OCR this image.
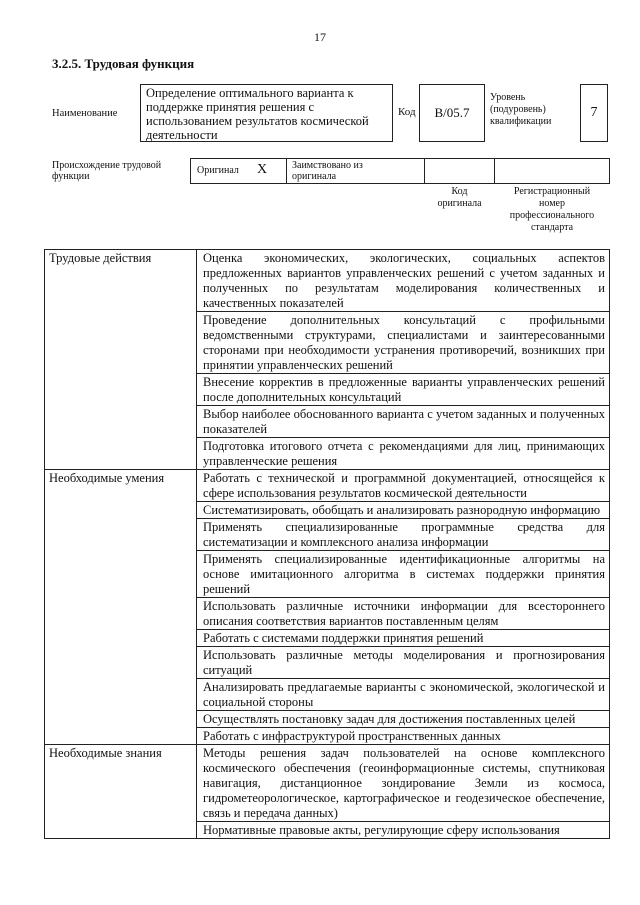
17
3.2.5. Трудовая функция
Наименование
Определение оптимального варианта к поддержке принятия решения с использованием результатов космической деятельности
Код	B/05.7
Уровень
(подуровень)
квалификации
7
Происхождение трудовой
функции
Оригинал X Заимствовано из
оригинала
Код
оригинала
Регистрационный
номер
профессионального
стандарта
Трудовые действия	Оценка экономических, экологических, социальных аспектов предложенных вариантов управленческих решений с учетом заданных и полученных по результатам моделирования количественных и качественных показателей
	Проведение дополнительных консультаций с профильными ведомственными структурами, специалистами и заинтересованными сторонами при необходимости устранения противоречий, возникших при принятии управленческих решений
	Внесение корректив в предложенные варианты управленческих решений после дополнительных консультаций
	Выбор наиболее обоснованного варианта с учетом заданных и полученных показателей
	Подготовка итогового отчета с рекомендациями для лиц, принимающих управленческие решения
Необходимые умения	Работать с технической и программной документацией, относящейся к сфере использования результатов космической деятельности
	Систематизировать, обобщать и анализировать разнородную информацию
	Применять специализированные программные средства для систематизации и комплексного анализа информации
	Применять специализированные идентификационные алгоритмы на основе имитационного алгоритма в системах поддержки принятия решений
	Использовать различные источники информации для всестороннего описания соответствия вариантов поставленным целям
	Работать с системами поддержки принятия решений
	Использовать различные методы моделирования и прогнозирования ситуаций
	Анализировать предлагаемые варианты с экономической, экологической и социальной стороны
	Осуществлять постановку задач для достижения поставленных целей
	Работать с инфраструктурой пространственных данных
Необходимые знания	Методы решения задач пользователей на основе комплексного космического обеспечения (геоинформационные системы, спутниковая навигация, дистанционное зондирование Земли из космоса, гидрометеорологическое, картографическое и геодезическое обеспечение, связь и передача данных)
	Нормативные правовые акты, регулирующие сферу использования
